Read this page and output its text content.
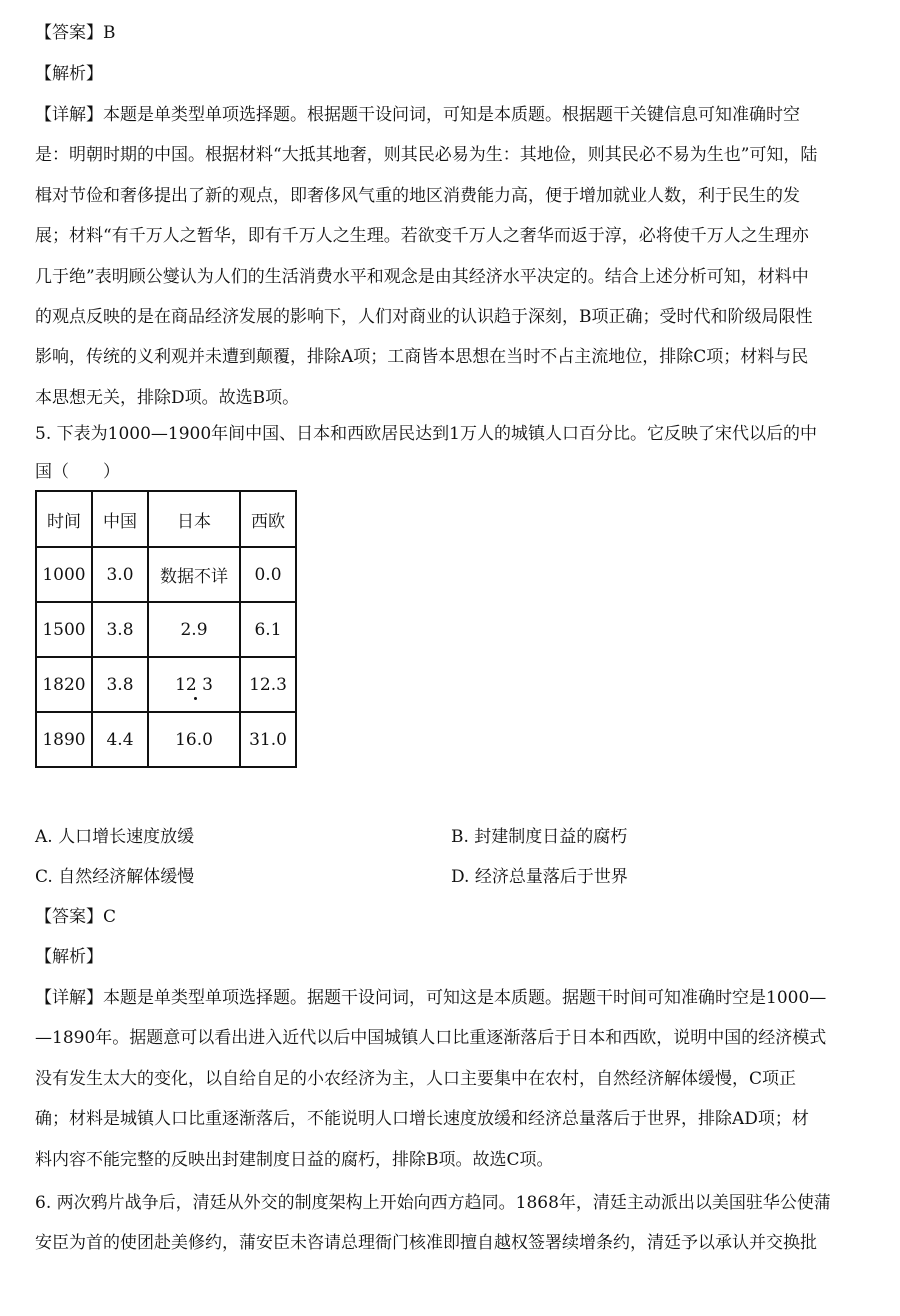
【答案】B
【解析】
【详解】本题是单类型单项选择题。根据题干设问词，可知是本质题。根据题干关键信息可知准确时空
是：明朝时期的中国。根据材料“大抵其地奢，则其民必易为生：其地俭，则其民必不易为生也”可知，陆
楫对节俭和奢侈提出了新的观点，即奢侈风气重的地区消费能力高，便于增加就业人数，利于民生的发
展；材料“有千万人之暂华，即有千万人之生理。若欲变千万人之奢华而返于淳，必将使千万人之生理亦
几于绝”表明顾公燮认为人们的生活消费水平和观念是由其经济水平决定的。结合上述分析可知，材料中
的观点反映的是在商品经济发展的影响下，人们对商业的认识趋于深刻，B项正确；受时代和阶级局限性
影响，传统的义利观并未遭到颠覆，排除A项；工商皆本思想在当时不占主流地位，排除C项；材料与民
本思想无关，排除D项。故选B项。
5. 下表为1000—1900年间中国、日本和西欧居民达到1万人的城镇人口百分比。它反映了宋代以后的中
国（　　）
时间	中国	日本	西欧
1000	3.0	数据不详	0.0
1500	3.8	2.9	6.1
1820	3.8	12 3	12.3
1890	4.4	16.0	31.0
A. 人口增长速度放缓	B. 封建制度日益的腐朽
C. 自然经济解体缓慢	D. 经济总量落后于世界
【答案】C
【解析】
【详解】本题是单类型单项选择题。据题干设问词，可知这是本质题。据题干时间可知准确时空是1000—
—1890年。据题意可以看出进入近代以后中国城镇人口比重逐渐落后于日本和西欧，说明中国的经济模式
没有发生太大的变化，以自给自足的小农经济为主，人口主要集中在农村，自然经济解体缓慢，C项正
确；材料是城镇人口比重逐渐落后，不能说明人口增长速度放缓和经济总量落后于世界，排除AD项；材
料内容不能完整的反映出封建制度日益的腐朽，排除B项。故选C项。
6. 两次鸦片战争后，清廷从外交的制度架构上开始向西方趋同。1868年，清廷主动派出以美国驻华公使蒲
安臣为首的使团赴美修约，蒲安臣未咨请总理衙门核准即擅自越权签署续增条约，清廷予以承认并交换批
